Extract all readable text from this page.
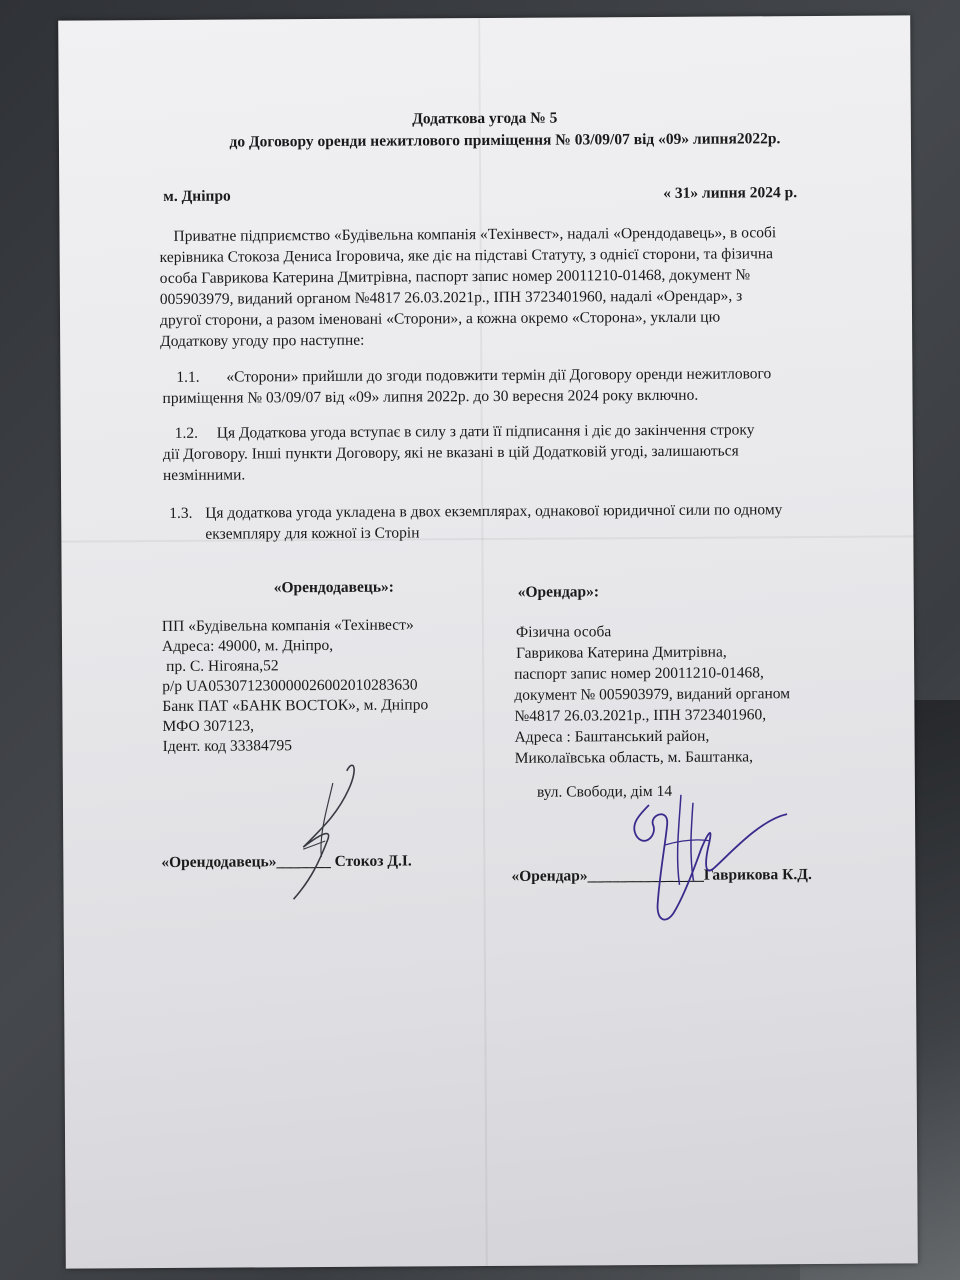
Додаткова угода № 5
до Договору оренди нежитлового приміщення № 03/09/07 від «09» липня2022р.
м. Дніпро	« 31» липня 2024 р.
Приватне підприємство «Будівельна компанія «Техінвест», надалі «Орендодавець», в особі
керівника Стокоза Дениса Ігоровича, яке діє на підставі Статуту, з однієї сторони, та фізична
особа Гаврикова Катерина Дмитрівна, паспорт запис номер 20011210-01468, документ №
005903979, виданий органом №4817 26.03.2021р., ІПН 3723401960, надалі «Орендар», з
другої сторони, а разом іменовані «Сторони», а кожна окремо «Сторона», уклали цю
Додаткову угоду про наступне:
1.1. «Сторони» прийшли до згоди подовжити термін дії Договору оренди нежитлового
приміщення № 03/09/07 від «09» липня 2022р. до 30 вересня 2024 року включно.
1.2. Ця Додаткова угода вступає в силу з дати її підписання і діє до закінчення строку
дії Договору. Інші пункти Договору, які не вказані в цій Додатковій угоді, залишаються
незмінними.
1.3. Ця додаткова угода укладена в двох екземплярах, однакової юридичної сили по одному
екземпляру для кожної із Сторін
«Орендодавець»:
ПП «Будівельна компанія «Техінвест»
Адреса: 49000, м. Дніпро,
пр. С. Нігояна,52
р/р UA053071230000026002010283630
Банк ПАТ «БАНК ВОСТОК», м. Дніпро
МФО 307123,
Ідент. код 33384795
«Орендар»:
Фізична особа
Гаврикова Катерина Дмитрівна,
паспорт запис номер 20011210-01468,
документ № 005903979, виданий органом
№4817 26.03.2021р., ІПН 3723401960,
Адреса : Баштанський район,
Миколаївська область, м. Баштанка,
вул. Свободи, дім 14
«Орендодавець»_______ Стокоз Д.І.
«Орендар»_______________Гаврикова К.Д.
